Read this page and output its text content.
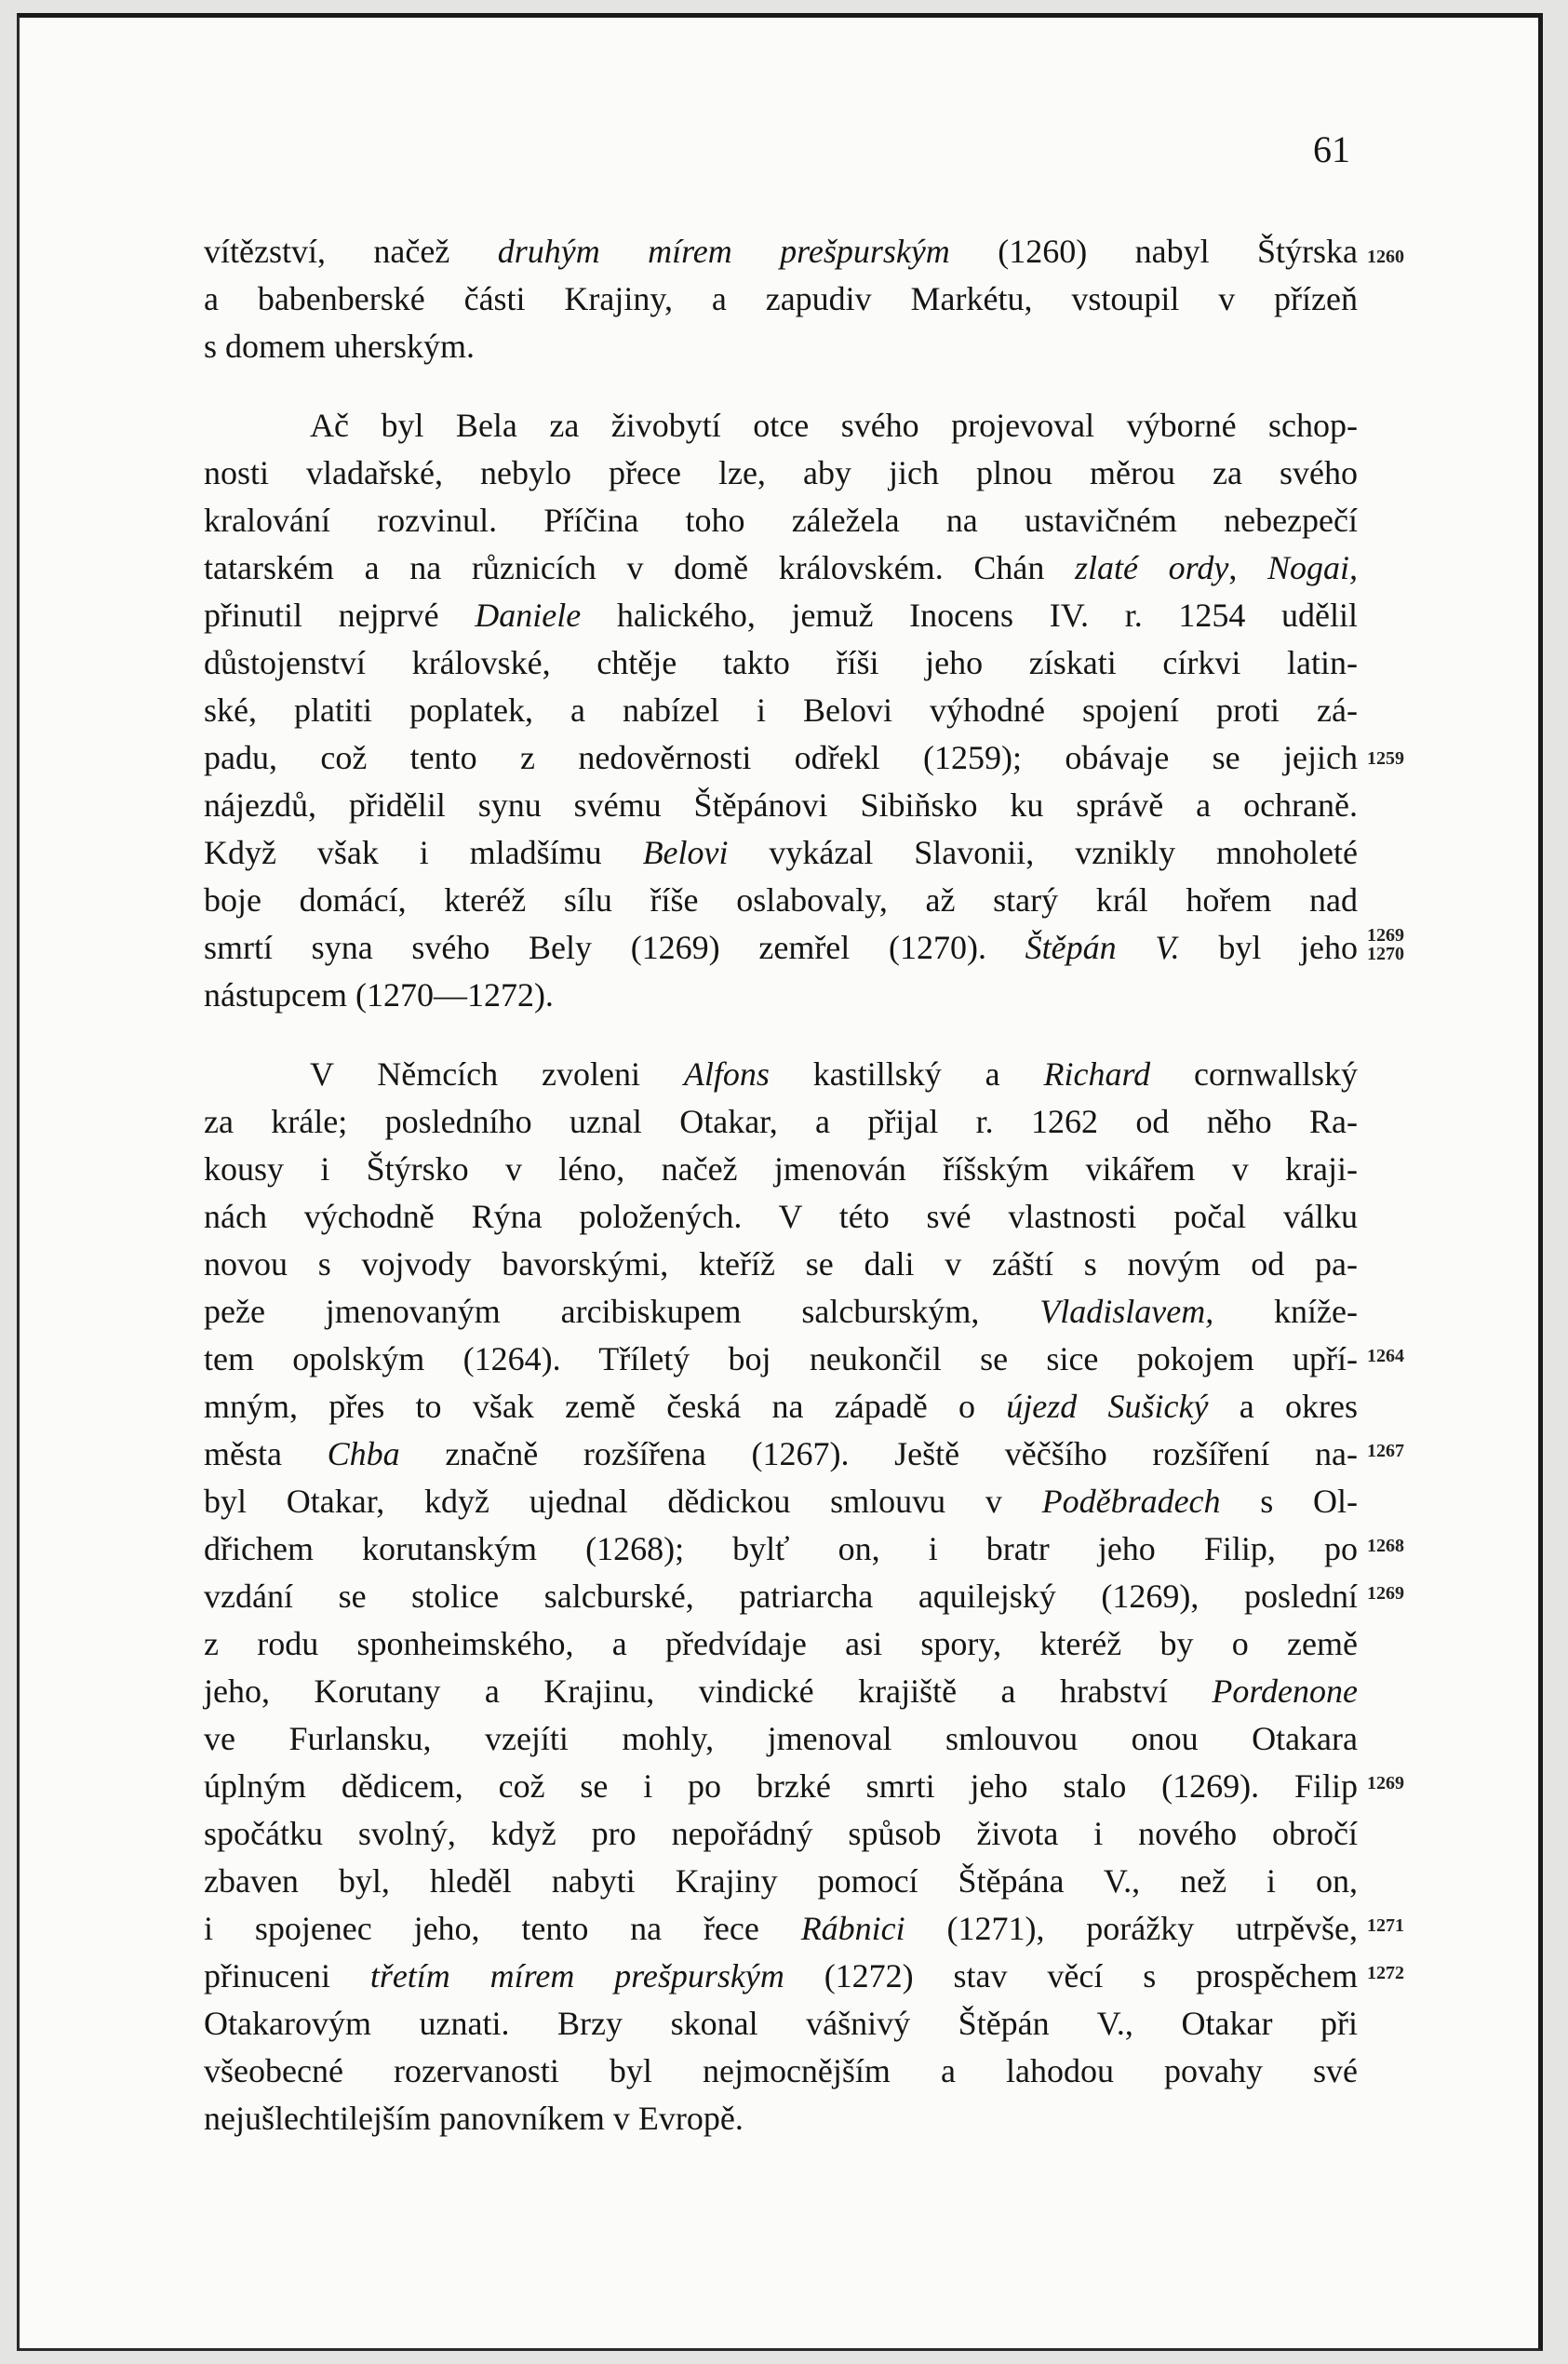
61
vítězství, načež druhým mírem prešpurským (1260) nabyl Štýrska
a babenberské části Krajiny, a zapudiv Markétu, vstoupil v přízeň
s domem uherským.
Ač byl Bela za živobytí otce svého projevoval výborné schop-
nosti vladařské, nebylo přece lze, aby jich plnou měrou za svého
kralování rozvinul. Příčina toho záležela na ustavičném nebezpečí
tatarském a na různicích v domě královském. Chán zlaté ordy, Nogai,
přinutil nejprvé Daniele halického, jemuž Inocens IV. r. 1254 udělil
důstojenství královské, chtěje takto říši jeho získati církvi latin-
ské, platiti poplatek, a nabízel i Belovi výhodné spojení proti zá-
padu, což tento z nedověrnosti odřekl (1259); obávaje se jejich
nájezdů, přidělil synu svému Štěpánovi Sibiňsko ku správě a ochraně.
Když však i mladšímu Belovi vykázal Slavonii, vznikly mnoholeté
boje domácí, kteréž sílu říše oslabovaly, až starý král hořem nad
smrtí syna svého Bely (1269) zemřel (1270). Štěpán V. byl jeho
nástupcem (1270—1272).
V Němcích zvoleni Alfons kastillský a Richard cornwallský
za krále; posledního uznal Otakar, a přijal r. 1262 od něho Ra-
kousy i Štýrsko v léno, načež jmenován říšským vikářem v kraji-
nách východně Rýna položených. V této své vlastnosti počal válku
novou s vojvody bavorskými, kteříž se dali v záští s novým od pa-
peže jmenovaným arcibiskupem salcburským, Vladislavem, kníže-
tem opolským (1264). Tříletý boj neukončil se sice pokojem upří-
mným, přes to však země česká na západě o újezd Sušický a okres
města Chba značně rozšířena (1267). Ještě věčšího rozšíření na-
byl Otakar, když ujednal dědickou smlouvu v Poděbradech s Ol-
dřichem korutanským (1268); bylť on, i bratr jeho Filip, po
vzdání se stolice salcburské, patriarcha aquilejský (1269), poslední
z rodu sponheimského, a předvídaje asi spory, kteréž by o země
jeho, Korutany a Krajinu, vindické krajiště a hrabství Pordenone
ve Furlansku, vzejíti mohly, jmenoval smlouvou onou Otakara
úplným dědicem, což se i po brzké smrti jeho stalo (1269). Filip
spočátku svolný, když pro nepořádný spůsob života i nového obročí
zbaven byl, hleděl nabyti Krajiny pomocí Štěpána V., než i on,
i spojenec jeho, tento na řece Rábnici (1271), porážky utrpěvše,
přinuceni třetím mírem prešpurským (1272) stav věcí s prospěchem
Otakarovým uznati. Brzy skonal vášnivý Štěpán V., Otakar při
všeobecné rozervanosti byl nejmocnějším a lahodou povahy své
nejušlechtilejším panovníkem v Evropě.
1260
1259
1269
1270
1264
1267
1268
1269
1269
1271
1272
